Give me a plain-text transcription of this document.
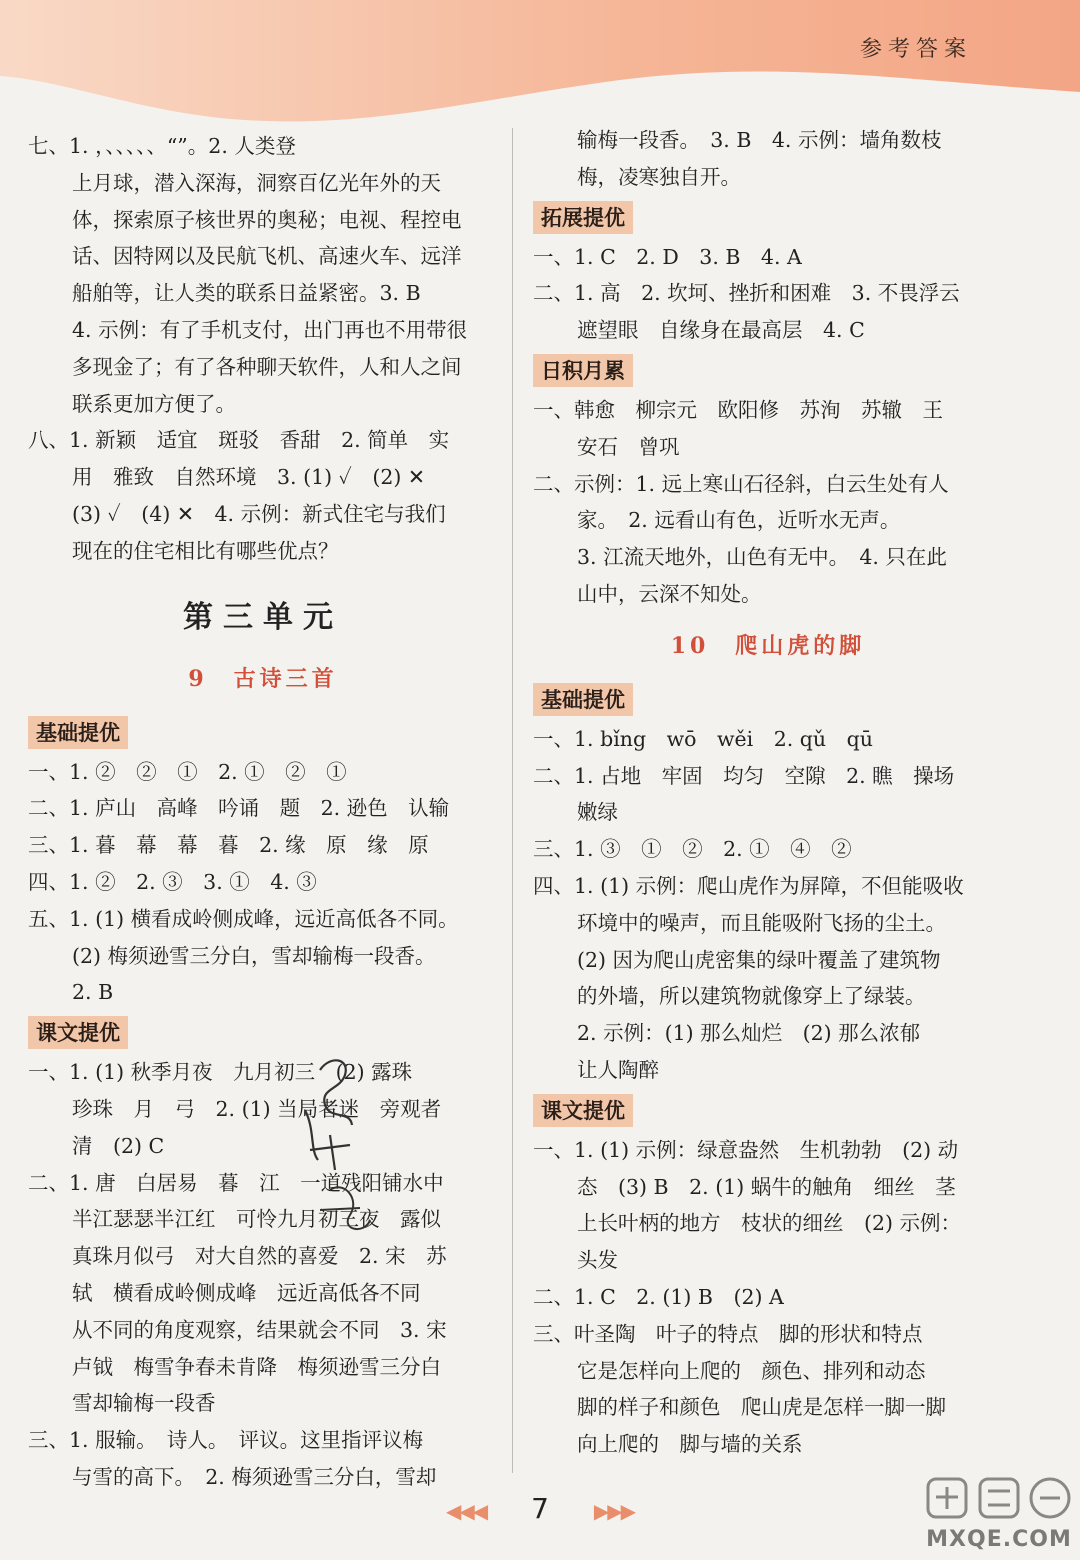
参考答案
七、1. ，、、、、、“”。2. 人类登
上月球，潜入深海，洞察百亿光年外的天
体，探索原子核世界的奥秘；电视、程控电
话、因特网以及民航飞机、高速火车、远洋
船舶等，让人类的联系日益紧密。3. B
4. 示例：有了手机支付，出门再也不用带很
多现金了；有了各种聊天软件，人和人之间
联系更加方便了。
八、1. 新颖　适宜　斑驳　香甜　2. 简单　实
用　雅致　自然环境　3. (1) ✓　(2) ✕
(3) ✓　(4) ✕　4. 示例：新式住宅与我们
现在的住宅相比有哪些优点？
第三单元
9　古诗三首
基础提优
一、1. ②　②　①　2. ①　②　①
二、1. 庐山　高峰　吟诵　题　2. 逊色　认输
三、1. 暮　幕　幕　暮　2. 缘　原　缘　原
四、1. ②　2. ③　3. ①　4. ③
五、1. (1) 横看成岭侧成峰，远近高低各不同。
(2) 梅须逊雪三分白，雪却输梅一段香。
2. B
课文提优
一、1. (1) 秋季月夜　九月初三　(2) 露珠
珍珠　月　弓　2. (1) 当局者迷　旁观者
清　(2) C
二、1. 唐　白居易　暮　江　一道残阳铺水中
半江瑟瑟半江红　可怜九月初三夜　露似
真珠月似弓　对大自然的喜爱　2. 宋　苏
轼　横看成岭侧成峰　远近高低各不同
从不同的角度观察，结果就会不同　3. 宋
卢钺　梅雪争春未肯降　梅须逊雪三分白
雪却输梅一段香
三、1. 服输。　诗人。　评议。这里指评议梅
与雪的高下。　2. 梅须逊雪三分白，雪却
输梅一段香。　3. B　4. 示例：墙角数枝
梅，凌寒独自开。
拓展提优
一、1. C　2. D　3. B　4. A
二、1. 高　2. 坎坷、挫折和困难　3. 不畏浮云
遮望眼　自缘身在最高层　4. C
日积月累
一、韩愈　柳宗元　欧阳修　苏洵　苏辙　王
安石　曾巩
二、示例：1. 远上寒山石径斜，白云生处有人
家。　2. 远看山有色，近听水无声。
3. 江流天地外，山色有无中。　4. 只在此
山中，云深不知处。
10　爬山虎的脚
基础提优
一、1. bǐng　wō　wěi　2. qǔ　qū
二、1. 占地　牢固　均匀　空隙　2. 瞧　操场
嫩绿
三、1. ③　①　②　2. ①　④　②
四、1. (1) 示例：爬山虎作为屏障，不但能吸收
环境中的噪声，而且能吸附飞扬的尘土。
(2) 因为爬山虎密集的绿叶覆盖了建筑物
的外墙，所以建筑物就像穿上了绿装。
2. 示例：(1) 那么灿烂　(2) 那么浓郁
让人陶醉
课文提优
一、1. (1) 示例：绿意盎然　生机勃勃　(2) 动
态　(3) B　2. (1) 蜗牛的触角　细丝　茎
上长叶柄的地方　枝状的细丝　(2) 示例：
头发
二、1. C　2. (1) B　(2) A
三、叶圣陶　叶子的特点　脚的形状和特点
它是怎样向上爬的　颜色、排列和动态
脚的样子和颜色　爬山虎是怎样一脚一脚
向上爬的　脚与墙的关系
◀◀◀ 7 ▶▶▶
MXQE.COM
